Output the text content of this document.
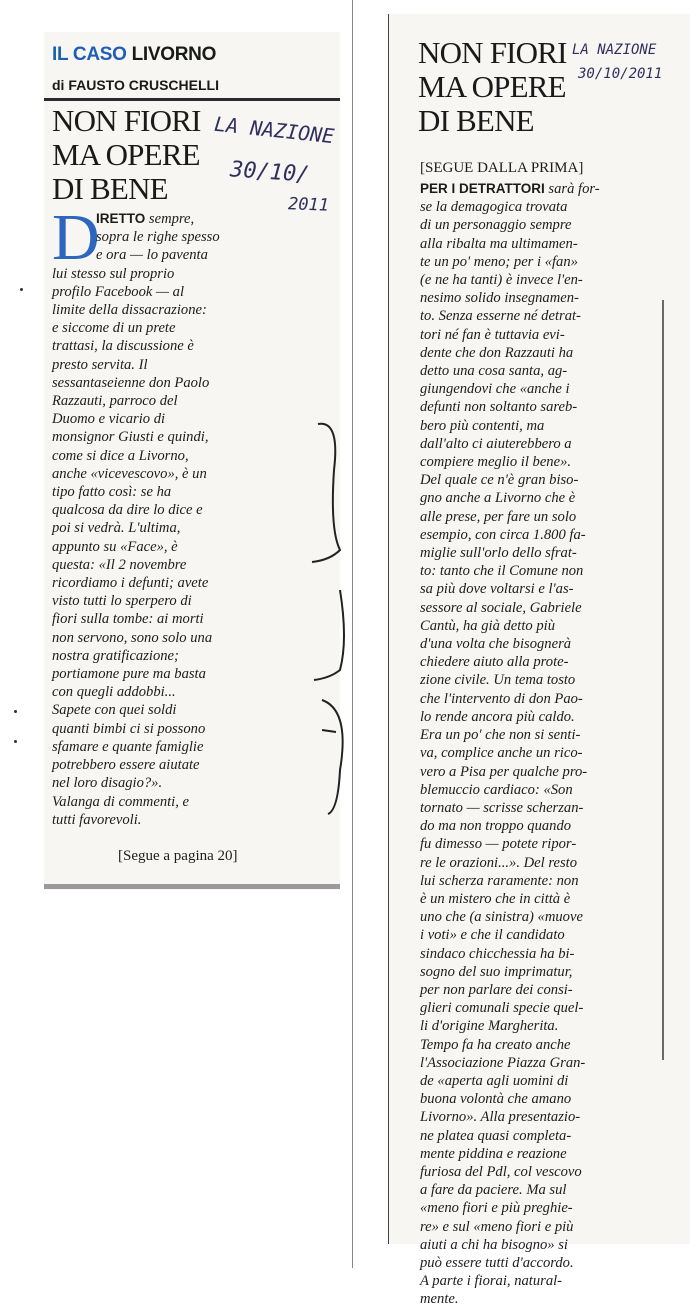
IL CASO LIVORNO
di FAUSTO CRUSCHELLI
NON FIORI
MA OPERE
DI BENE
LA NAZIONE
30/10/
2011
D
IRETTO sempre,
sopra le righe spesso
e ora — lo paventa
lui stesso sul proprio
profilo Facebook — al
limite della dissacrazione:
e siccome di un prete
trattasi, la discussione è
presto servita. Il
sessantaseienne don Paolo
Razzauti, parroco del
Duomo e vicario di
monsignor Giusti e quindi,
come si dice a Livorno,
anche «vicevescovo», è un
tipo fatto così: se ha
qualcosa da dire lo dice e
poi si vedrà. L'ultima,
appunto su «Face», è
questa: «Il 2 novembre
ricordiamo i defunti; avete
visto tutti lo sperpero di
fiori sulla tombe: ai morti
non servono, sono solo una
nostra gratificazione;
portiamone pure ma basta
con quegli addobbi...
Sapete con quei soldi
quanti bimbi ci si possono
sfamare e quante famiglie
potrebbero essere aiutate
nel loro disagio?».
Valanga di commenti, e
tutti favorevoli.
[Segue a pagina 20]
NON FIORI
MA OPERE
DI BENE
LA NAZIONE
30/10/2011
[SEGUE DALLA PRIMA]
PER I DETRATTORI sarà for-
se la demagogica trovata
di un personaggio sempre
alla ribalta ma ultimamen-
te un po' meno; per i «fan»
(e ne ha tanti) è invece l'en-
nesimo solido insegnamen-
to. Senza esserne né detrat-
tori né fan è tuttavia evi-
dente che don Razzauti ha
detto una cosa santa, ag-
giungendovi che «anche i
defunti non soltanto sareb-
bero più contenti, ma
dall'alto ci aiuterebbero a
compiere meglio il bene».
Del quale ce n'è gran biso-
gno anche a Livorno che è
alle prese, per fare un solo
esempio, con circa 1.800 fa-
miglie sull'orlo dello sfrat-
to: tanto che il Comune non
sa più dove voltarsi e l'as-
sessore al sociale, Gabriele
Cantù, ha già detto più
d'una volta che bisognerà
chiedere aiuto alla prote-
zione civile. Un tema tosto
che l'intervento di don Pao-
lo rende ancora più caldo.
Era un po' che non si senti-
va, complice anche un rico-
vero a Pisa per qualche pro-
blemuccio cardiaco: «Son
tornato — scrisse scherzan-
do ma non troppo quando
fu dimesso — potete ripor-
re le orazioni...». Del resto
lui scherza raramente: non
è un mistero che in città è
uno che (a sinistra) «muove
i voti» e che il candidato
sindaco chicchessia ha bi-
sogno del suo imprimatur,
per non parlare dei consi-
glieri comunali specie quel-
li d'origine Margherita.
Tempo fa ha creato anche
l'Associazione Piazza Gran-
de «aperta agli uomini di
buona volontà che amano
Livorno». Alla presentazio-
ne platea quasi completa-
mente piddina e reazione
furiosa del Pdl, col vescovo
a fare da paciere. Ma sul
«meno fiori e più preghie-
re» e sul «meno fiori e più
aiuti a chi ha bisogno» si
può essere tutti d'accordo.
A parte i fiorai, natural-
mente.
